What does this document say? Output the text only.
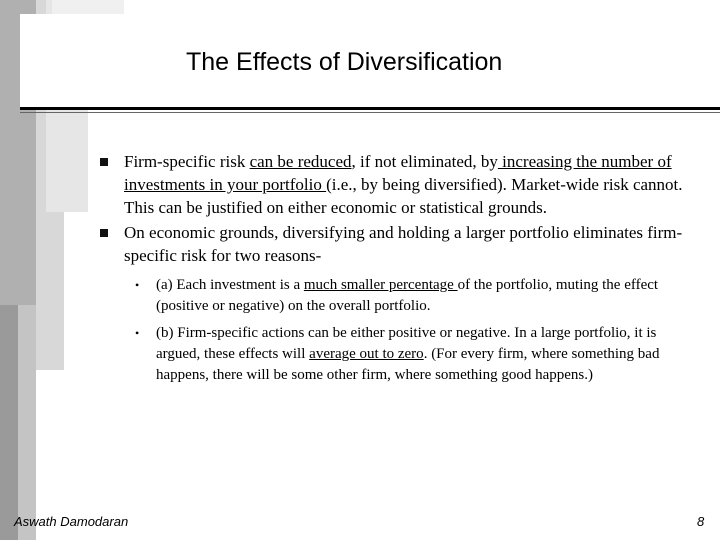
The Effects of Diversification
Firm-specific risk can be reduced, if not eliminated, by increasing the number of investments in your portfolio (i.e., by being diversified). Market-wide risk cannot. This can be justified on either economic or statistical grounds.
On economic grounds, diversifying and holding a larger portfolio eliminates firm-specific risk for two reasons-
• (a) Each investment is a much smaller percentage of the portfolio, muting the effect (positive or negative) on the overall portfolio.
• (b) Firm-specific actions can be either positive or negative. In a large portfolio, it is argued, these effects will average out to zero. (For every firm, where something bad happens, there will be some other firm, where something good happens.)
Aswath Damodaran	8
